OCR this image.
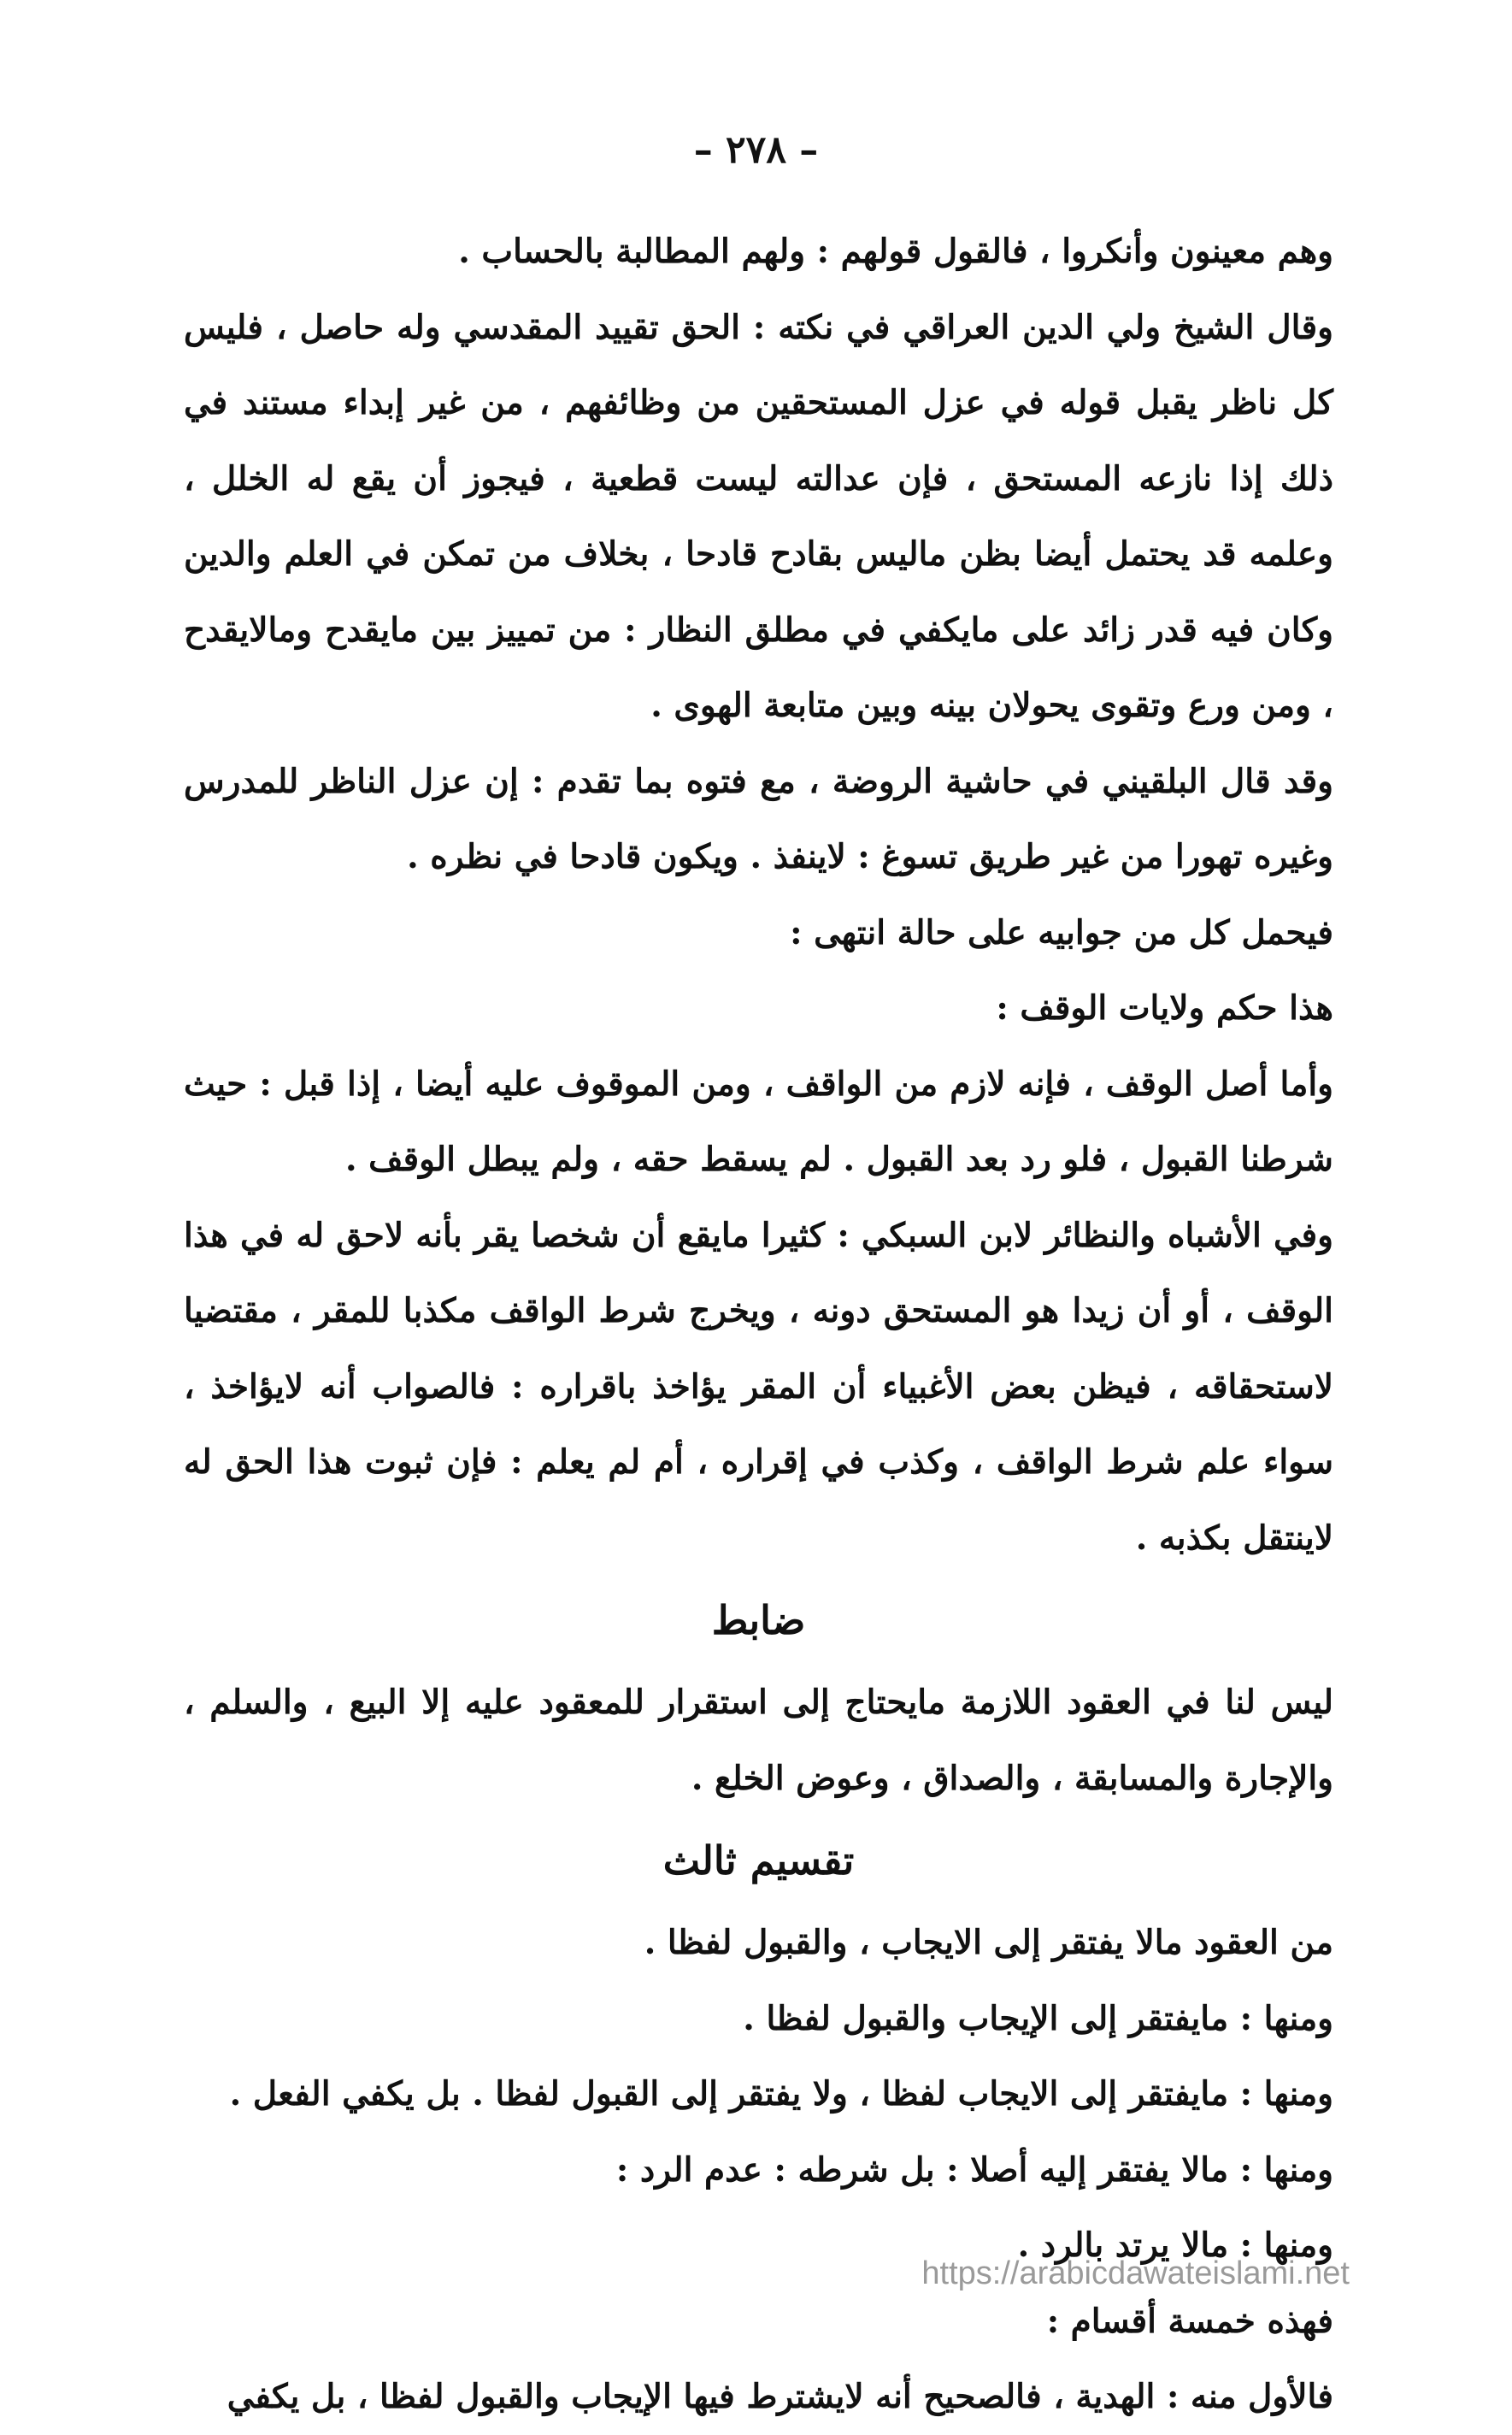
– ٢٧٨ –

وهم معينون وأنكروا ، فالقول قولهم : ولهم المطالبة بالحساب .

وقال الشيخ ولي الدين العراقي في نكته : الحق تقييد المقدسي وله حاصل ، فليس كل ناظر يقبل قوله في عزل المستحقين من وظائفهم ، من غير إبداء مستند في ذلك إذا نازعه المستحق ، فإن عدالته ليست قطعية ، فيجوز أن يقع له الخلل ، وعلمه قد يحتمل أيضا بظن ماليس بقادح قادحا ، بخلاف من تمكن في العلم والدين وكان فيه قدر زائد على مايكفي في مطلق النظار : من تمييز بين مايقدح ومالايقدح ، ومن ورع وتقوى يحولان بينه وبين متابعة الهوى .

وقد قال البلقيني في حاشية الروضة ، مع فتوه بما تقدم : إن عزل الناظر للمدرس وغيره تهورا من غير طريق تسوغ : لاينفذ . ويكون قادحا في نظره .

فيحمل كل من جوابيه على حالة انتهى :

هذا حكم ولايات الوقف :

وأما أصل الوقف ، فإنه لازم من الواقف ، ومن الموقوف عليه أيضا ، إذا قبل : حيث شرطنا القبول ، فلو رد بعد القبول . لم يسقط حقه ، ولم يبطل الوقف .

وفي الأشباه والنظائر لابن السبكي : كثيرا مايقع أن شخصا يقر بأنه لاحق له في هذا الوقف ، أو أن زيدا هو المستحق دونه ، ويخرج شرط الواقف مكذبا للمقر ، مقتضيا لاستحقاقه ، فيظن بعض الأغبياء أن المقر يؤاخذ باقراره : فالصواب أنه لايؤاخذ ، سواء علم شرط الواقف ، وكذب في إقراره ، أم لم يعلم : فإن ثبوت هذا الحق له لاينتقل بكذبه .

ضابط

ليس لنا في العقود اللازمة مايحتاج إلى استقرار للمعقود عليه إلا البيع ، والسلم ، والإجارة والمسابقة ، والصداق ، وعوض الخلع .

تقسيم ثالث

من العقود مالا يفتقر إلى الايجاب ، والقبول لفظا .

ومنها : مايفتقر إلى الإيجاب والقبول لفظا .

ومنها : مايفتقر إلى الايجاب لفظا ، ولا يفتقر إلى القبول لفظا . بل يكفي الفعل .

ومنها : مالا يفتقر إليه أصلا : بل شرطه : عدم الرد :

ومنها : مالا يرتد بالرد .

فهذه خمسة أقسام :

فالأول منه : الهدية ، فالصحيح أنه لايشترط فيها الإيجاب والقبول لفظا ، بل يكفي

https://arabicdawateislami.net
